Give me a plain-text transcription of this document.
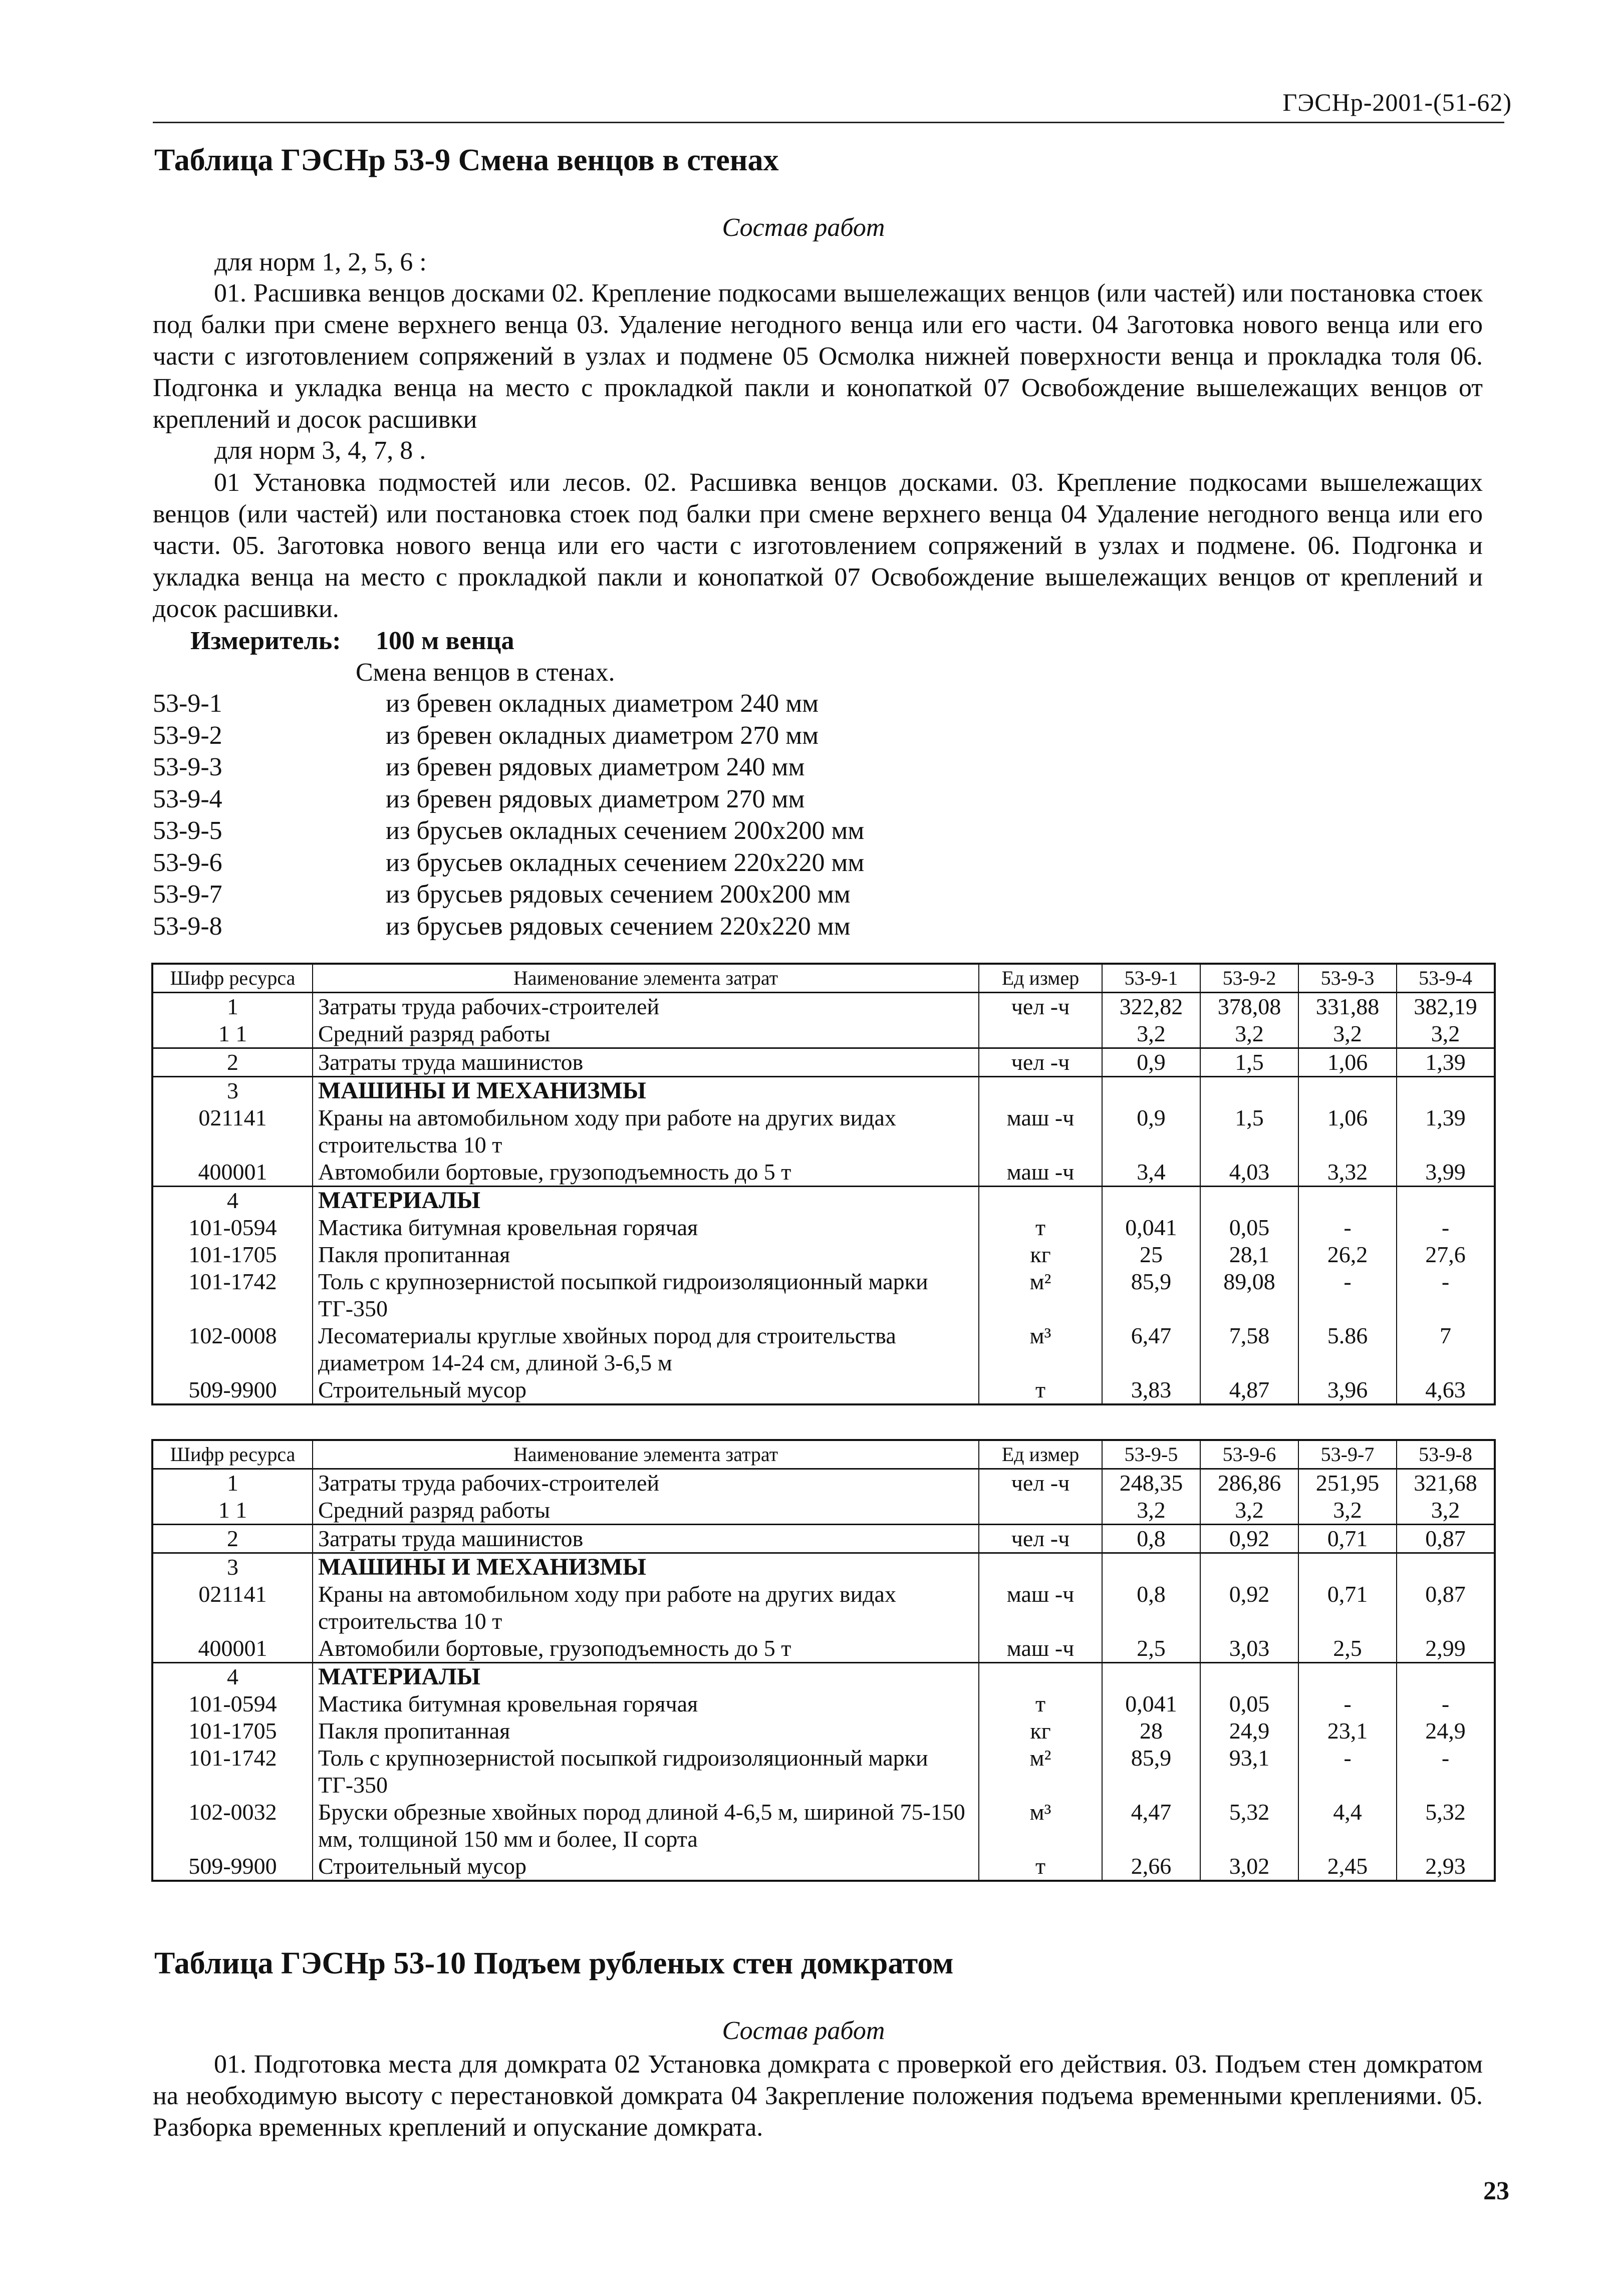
ГЭСНр-2001-(51-62)
Таблица ГЭСНр 53-9 Смена венцов в стенах
Состав работ
для норм 1, 2, 5, 6 :
01. Расшивка венцов досками 02. Крепление подкосами вышележащих венцов (или частей) или постановка стоек под балки при смене верхнего венца 03. Удаление негодного венца или его части. 04 Заготовка нового венца или его части с изготовлением сопряжений в узлах и подмене 05 Осмолка нижней поверхности венца и прокладка толя 06. Подгонка и укладка венца на место с прокладкой пакли и конопаткой 07 Освобождение вышележащих венцов от креплений и досок расшивки
для норм 3, 4, 7, 8 .
01 Установка подмостей или лесов. 02. Расшивка венцов досками. 03. Крепление подкосами вышележащих венцов (или частей) или постановка стоек под балки при смене верхнего венца 04 Удаление негодного венца или его части. 05. Заготовка нового венца или его части с изготовлением сопряжений в узлах и подмене. 06. Подгонка и укладка венца на место с прокладкой пакли и конопаткой 07 Освобождение вышележащих венцов от креплений и досок расшивки.
Измеритель: 100 м венца
Смена венцов в стенах.
53-9-1	из бревен окладных диаметром 240 мм
53-9-2	из бревен окладных диаметром 270 мм
53-9-3	из бревен рядовых диаметром 240 мм
53-9-4	из бревен рядовых диаметром 270 мм
53-9-5	из брусьев окладных сечением 200х200 мм
53-9-6	из брусьев окладных сечением 220х220 мм
53-9-7	из брусьев рядовых сечением 200х200 мм
53-9-8	из брусьев рядовых сечением 220х220 мм
Шифр ресурса	Наименование элемента затрат	Ед измер	53-9-1	53-9-2	53-9-3	53-9-4
1	Затраты труда рабочих-строителей	чел -ч	322,82	378,08	331,88	382,19
1 1	Средний разряд работы		3,2	3,2	3,2	3,2
2	Затраты труда машинистов	чел -ч	0,9	1,5	1,06	1,39
3	МАШИНЫ И МЕХАНИЗМЫ					
021141	Краны на автомобильном ходу при работе на других видах строительства 10 т	маш -ч	0,9	1,5	1,06	1,39
400001	Автомобили бортовые, грузоподъемность до 5 т	маш -ч	3,4	4,03	3,32	3,99
4	МАТЕРИАЛЫ					
101-0594	Мастика битумная кровельная горячая	т	0,041	0,05	-	-
101-1705	Пакля пропитанная	кг	25	28,1	26,2	27,6
101-1742	Толь с крупнозернистой посыпкой гидроизоляционный марки ТГ-350	м²	85,9	89,08	-	-
102-0008	Лесоматериалы круглые хвойных пород для строительства диаметром 14-24 см, длиной 3-6,5 м	м³	6,47	7,58	5.86	7
509-9900	Строительный мусор	т	3,83	4,87	3,96	4,63
Шифр ресурса	Наименование элемента затрат	Ед измер	53-9-5	53-9-6	53-9-7	53-9-8
1	Затраты труда рабочих-строителей	чел -ч	248,35	286,86	251,95	321,68
1 1	Средний разряд работы		3,2	3,2	3,2	3,2
2	Затраты труда машинистов	чел -ч	0,8	0,92	0,71	0,87
3	МАШИНЫ И МЕХАНИЗМЫ					
021141	Краны на автомобильном ходу при работе на других видах строительства 10 т	маш -ч	0,8	0,92	0,71	0,87
400001	Автомобили бортовые, грузоподъемность до 5 т	маш -ч	2,5	3,03	2,5	2,99
4	МАТЕРИАЛЫ					
101-0594	Мастика битумная кровельная горячая	т	0,041	0,05	-	-
101-1705	Пакля пропитанная	кг	28	24,9	23,1	24,9
101-1742	Толь с крупнозернистой посыпкой гидроизоляционный марки ТГ-350	м²	85,9	93,1	-	-
102-0032	Бруски обрезные хвойных пород длиной 4-6,5 м, шириной 75-150 мм, толщиной 150 мм и более, II сорта	м³	4,47	5,32	4,4	5,32
509-9900	Строительный мусор	т	2,66	3,02	2,45	2,93
Таблица ГЭСНр 53-10 Подъем рубленых стен домкратом
Состав работ
01. Подготовка места для домкрата 02 Установка домкрата с проверкой его действия. 03. Подъем стен домкратом на необходимую высоту с перестановкой домкрата 04 Закрепление положения подъема временными креплениями. 05. Разборка временных креплений и опускание домкрата.
23
